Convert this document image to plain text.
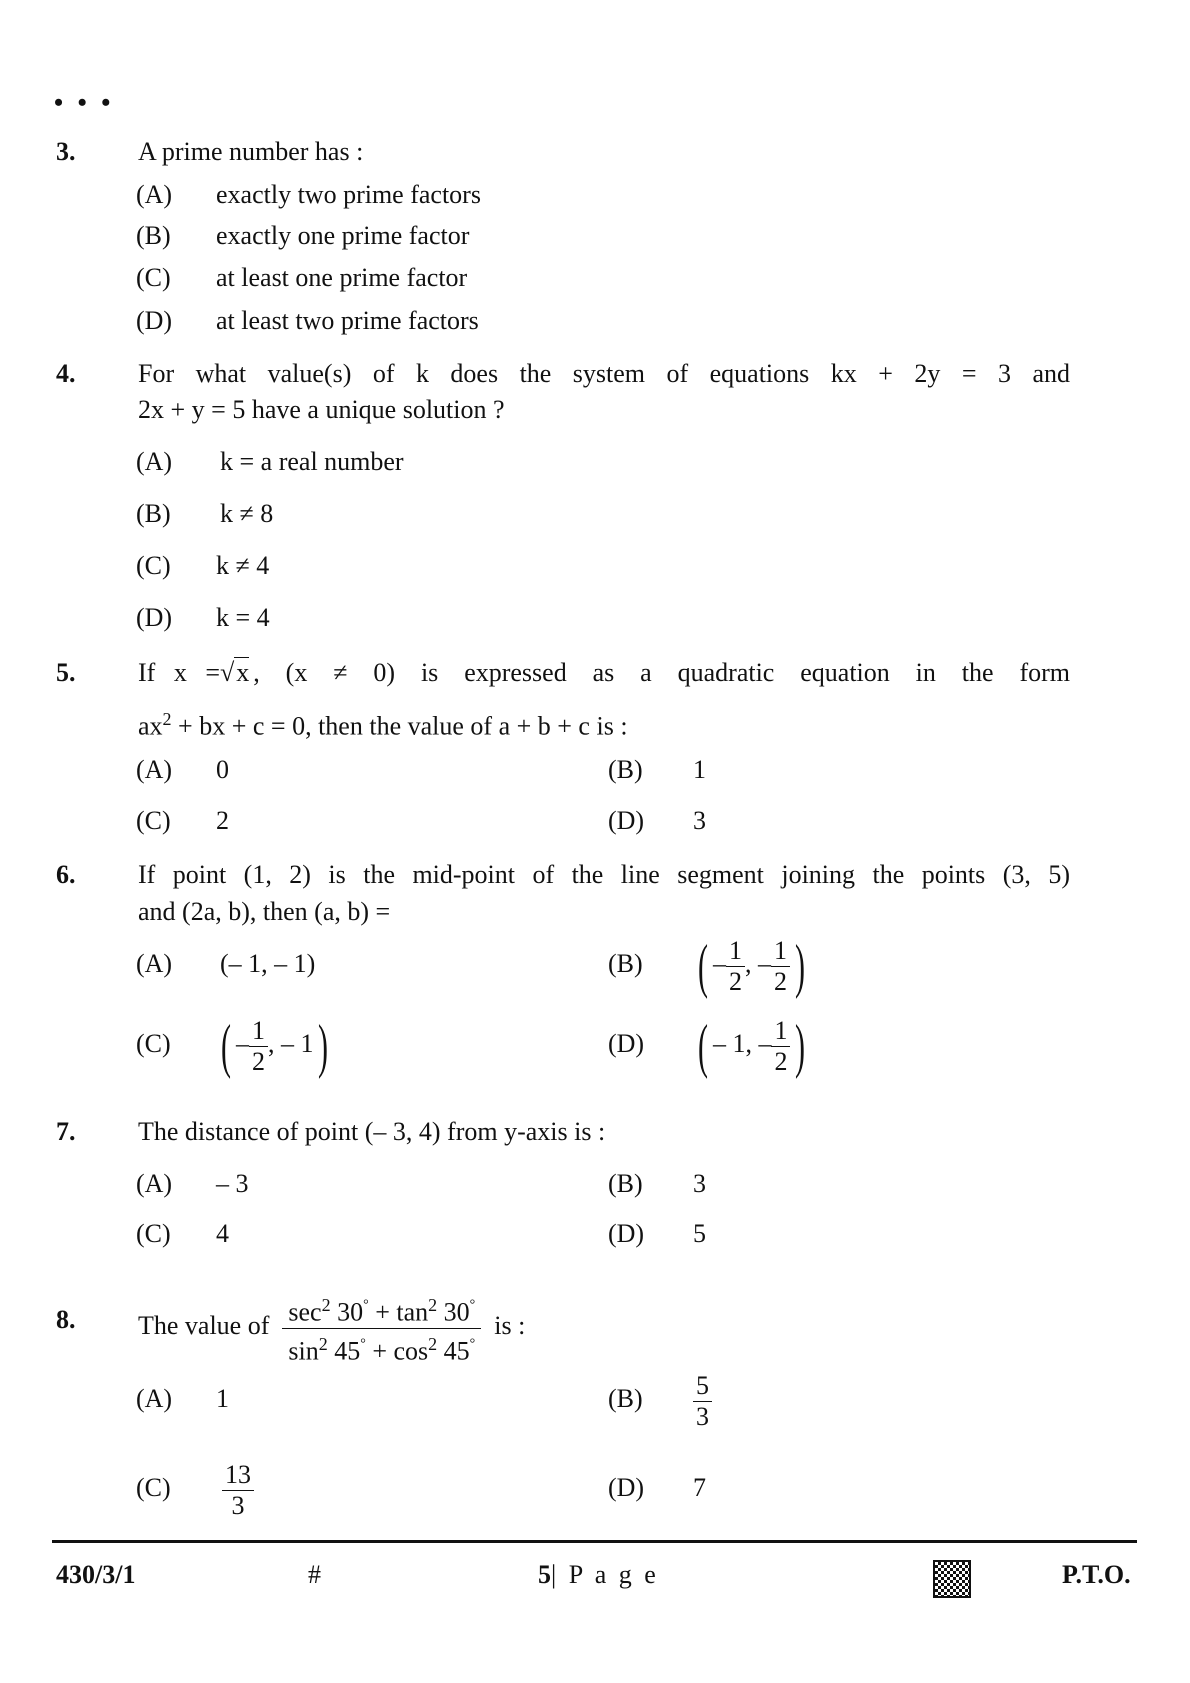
• • •
3. A prime number has :
(A) exactly two prime factors
(B) exactly one prime factor
(C) at least one prime factor
(D) at least two prime factors
4. For what value(s) of k does the system of equations kx + 2y = 3 and
2x + y = 5 have a unique solution ?
(A) k = a real number
(B) k ≠ 8
(C) k ≠ 4
(D) k = 4
5. If x = √x , (x ≠ 0) is expressed as a quadratic equation in the form
$ax^2$ + bx + c = 0, then the value of a + b + c is :
(A) 0	(B) 1
(C) 2	(D) 3
6. If point (1, 2) is the mid-point of the line segment joining the points (3, 5)
and (2a, b), then (a, b) =
(A) (– 1, – 1)	(B) ( – $\frac{1}{2}$ , – $\frac{1}{2}$ )
(C) ( – $\frac{1}{2}$ , – 1)	(D) ( – 1, – $\frac{1}{2}$ )
7. The distance of point (– 3, 4) from y-axis is :
(A) – 3	(B) 3
(C) 4	(D) 5
8. The value of $\frac{\sec^2 30^\circ + \tan^2 30^\circ}{\sin^2 45^\circ + \cos^2 45^\circ}$ is :
(A) 1	$(B) \frac{5}{3}$
$(C) \frac{13}{3}$	(D) 7
430/3/1	#	5| P a g e	P.T.O.
